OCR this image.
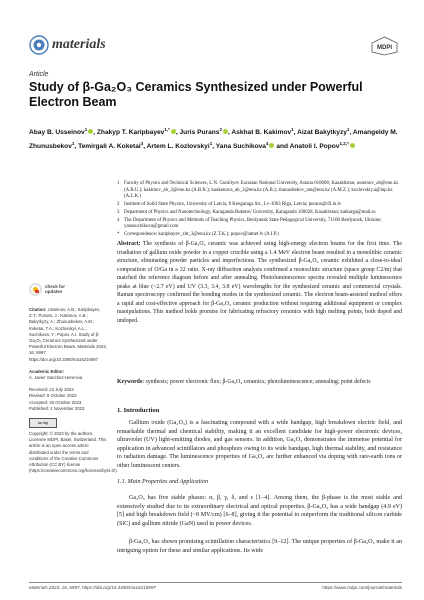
materials	MDPI
Article
Study of β-Ga₂O₃ Ceramics Synthesized under Powerful Electron Beam
Abay B. Usseinov$^1$ , Zhakyp T. Karipbayev$^{1,*}$ , Juris Purans$^2$ , Askhat B. Kakimov$^1$, Aizat Bakytkyzy$^1$, Amangeldy M. Zhunusbekov$^1$, Temirgali A. Koketai$^3$, Artem L. Kozlovskyi$^1$, Yana Suchikova$^4$ and Anatoli I. Popov$^{1,2,*}$
1 Faculty of Physics and Technical Sciences, L.N. Gumilyov Eurasian National University, Astana 010008, Kazakhstan; usseinov_ab@enu.kz (A.B.U.); kakimov_ab_2@enu.kz (A.B.K.); kaukenova_ab_3@enu.kz (A.B.); zhunusbekov_am@enu.kz (A.M.Z.); kozlovskiy.a@inp.kz (A.L.K.)
2 Institute of Solid State Physics, University of Latvia, 8 Kengaraga Str., Lv-1063 Riga, Latvia; purans@cfi.lu.lv
3 Department of Physics and Nanotechnology, Karaganda Buketov University, Karaganda 100028, Kazakhstan; katkarga@mail.ru
4 The Department of Physics and Methods of Teaching Physics, Berdyansk State Pedagogical University, 71100 Berdyansk, Ukraine; yanasuchikova@gmail.com
* Correspondence: karipbayev_zht_3@enu.kz (Z.T.K.); popov@latnet.lv (A.I.P.)
check for updates
Citation: Usseinov, A.B.; Karipbayev, Z.T.; Purans, J.; Kakimov, A.B.; Bakytkyzy, A.; Zhunusbekov, A.M.; Koketai, T.A.; Kozlovskyi, A.L.; Suchikova, Y.; Popov, A.I. Study of β-Ga₂O₃ Ceramics Synthesized under Powerful Electron Beam. Materials 2023, 16, 6997. https://doi.org/10.3390/ma16216997
Academic Editor:
A. Javier Sanchez-Herencia
Received: 22 July 2023
Revised: 8 October 2023
Accepted: 30 October 2023
Published: 1 November 2023
cc by
Copyright: © 2023 by the authors. Licensee MDPI, Basel, Switzerland. This article is an open access article distributed under the terms and conditions of the Creative Commons Attribution (CC BY) license (https://creativecommons.org/licenses/by/4.0/).
Abstract: The synthesis of β-Ga₂O₃ ceramic was achieved using high-energy electron beams for the first time. The irradiation of gallium oxide powder in a copper crucible using a 1.4 MeV electron beam resulted in a monolithic ceramic structure, eliminating powder particles and imperfections. The synthesized β-Ga₂O₃ ceramic exhibited a close-to-ideal composition of O/Ga in a 32 ratio. X-ray diffraction analysis confirmed a monoclinic structure (space group C2/m) that matched the reference diagram before and after annealing. Photoluminescence spectra revealed multiple luminescence peaks at blue (~2.7 eV) and UV (3.3, 3.4, 3.8 eV) wavelengths for the synthesized ceramic and commercial crystals. Raman spectroscopy confirmed the bonding modes in the synthesized ceramic. The electron beam-assisted method offers a rapid and cost-effective approach for β-Ga₂O₃ ceramic production without requiring additional equipment or complex manipulations. This method holds promise for fabricating refractory ceramics with high melting points, both doped and undoped.
Keywords: synthesis; power electronic flux; β-Ga₂O₃ ceramics; photoluminescence; annealing; point defects
1. Introduction
Gallium oxide (Ga₂O₃) is a fascinating compound with a wide bandgap, high breakdown electric field, and remarkable thermal and chemical stability, making it an excellent candidate for high-power electronic devices, ultraviolet (UV) light-emitting diodes, and gas sensors. In addition, Ga₂O₃ demonstrates the immense potential for application in advanced scintillators and phosphors owing to its wide bandgap, high thermal stability, and resistance to radiation damage. The luminescence properties of Ga₂O₃ are further enhanced via doping with rare-earth ions or other luminescent centers.
1.1. Main Properties and Application
Ga₂O₃ has five stable phases: α, β, γ, δ, and ε [1–4]. Among them, the β-phase is the most stable and extensively studied due to its extraordinary electrical and optical properties. β-Ga₂O₃ has a wide bandgap (4.9 eV) [5] and high breakdown field (~8 MV/cm) [6–8], giving it the potential to outperform the traditional silicon carbide (SiC) and gallium nitride (GaN) used in power devices.
β-Ga₂O₃ has shown promising scintillation characteristics [9–12]. The unique properties of β-Ga₂O₃ make it an intriguing option for these and similar applications. Its wide
Materials 2023, 16, 6997. https://doi.org/10.3390/ma16216997	https://www.mdpi.com/journal/materials
